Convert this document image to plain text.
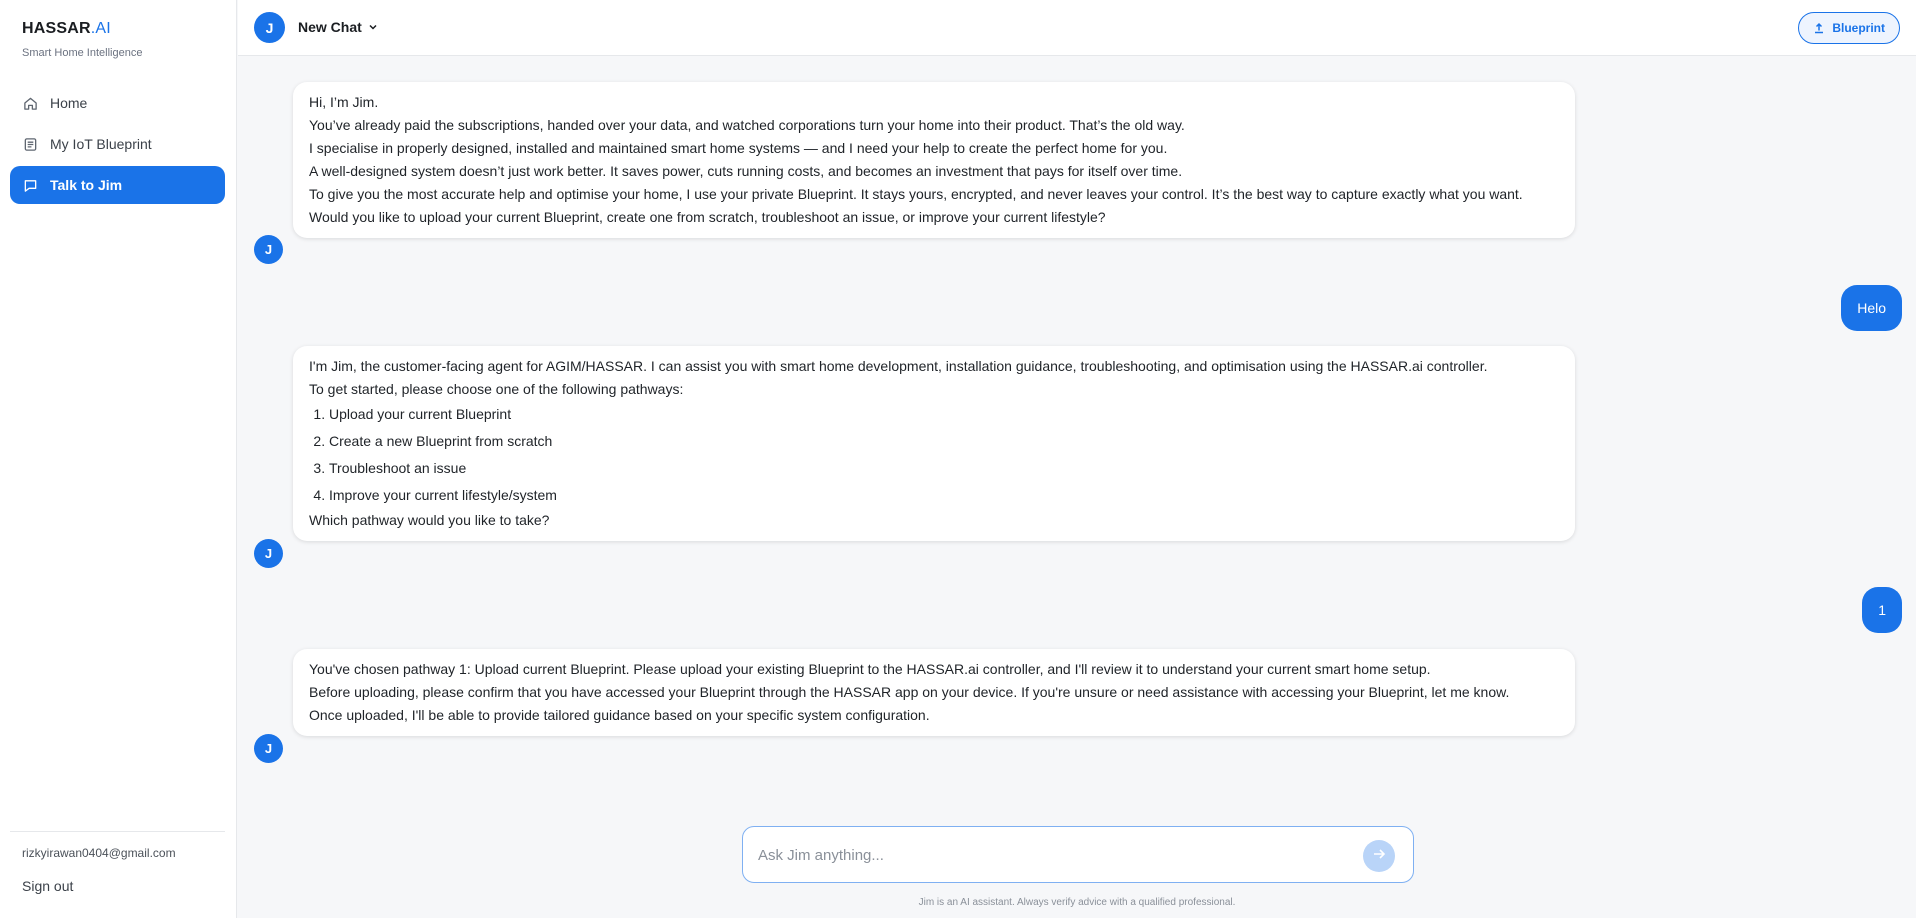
HASSAR.AI
Smart Home Intelligence
Home
My IoT Blueprint
Talk to Jim
rizkyirawan0404@gmail.com
Sign out
J	New Chat	Blueprint

Hi, I’m Jim.

You’ve already paid the subscriptions, handed over your data, and watched corporations turn your home into their product. That’s the old way.

I specialise in properly designed, installed and maintained smart home systems — and I need your help to create the perfect home for you.

A well-designed system doesn’t just work better. It saves power, cuts running costs, and becomes an investment that pays for itself over time.

To give you the most accurate help and optimise your home, I use your private Blueprint. It stays yours, encrypted, and never leaves your control. It’s the best way to capture exactly what you want.

Would you like to upload your current Blueprint, create one from scratch, troubleshoot an issue, or improve your current lifestyle?

J
Helo

I'm Jim, the customer-facing agent for AGIM/HASSAR. I can assist you with smart home development, installation guidance, troubleshooting, and optimisation using the HASSAR.ai controller.

To get started, please choose one of the following pathways:

1. Upload your current Blueprint
2. Create a new Blueprint from scratch
3. Troubleshoot an issue
4. Improve your current lifestyle/system

Which pathway would you like to take?

J
1

You've chosen pathway 1: Upload current Blueprint. Please upload your existing Blueprint to the HASSAR.ai controller, and I'll review it to understand your current smart home setup.

Before uploading, please confirm that you have accessed your Blueprint through the HASSAR app on your device. If you're unsure or need assistance with accessing your Blueprint, let me know.

Once uploaded, I'll be able to provide tailored guidance based on your specific system configuration.

J
Ask Jim anything...
Jim is an AI assistant. Always verify advice with a qualified professional.
